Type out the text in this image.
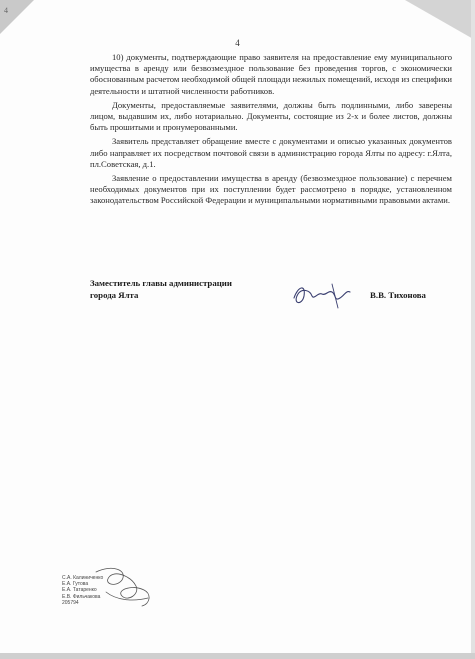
4
4

10) документы, подтверждающие право заявителя на предоставление ему муниципального имущества в аренду или безвозмездное пользование без проведения торгов, с экономически обоснованным расчетом необходимой общей площади нежилых помещений, исходя из специфики деятельности и штатной численности работников.

Документы, предоставляемые заявителями, должны быть подлинными, либо заверены лицом, выдавшим их, либо нотариально. Документы, состоящие из 2-х и более листов, должны быть прошитыми и пронумерованными.

Заявитель представляет обращение вместе с документами и описью указанных документов либо направляет их посредством почтовой связи в администрацию города Ялты по адресу: г.Ялта, пл.Советская, д.1.

Заявление о предоставлении имущества в аренду (безвозмездное пользование) с перечнем необходимых документов при их поступлении будет рассмотрено в порядке, установленном законодательством Российской Федерации и муниципальными нормативными правовыми актами.

Заместитель главы администрации
города Ялта	В.В. Тихонова
С.А. Калиниченко
Е.А. Гутова
Е.А. Татаренко
Е.В. Фильчакова
205794
